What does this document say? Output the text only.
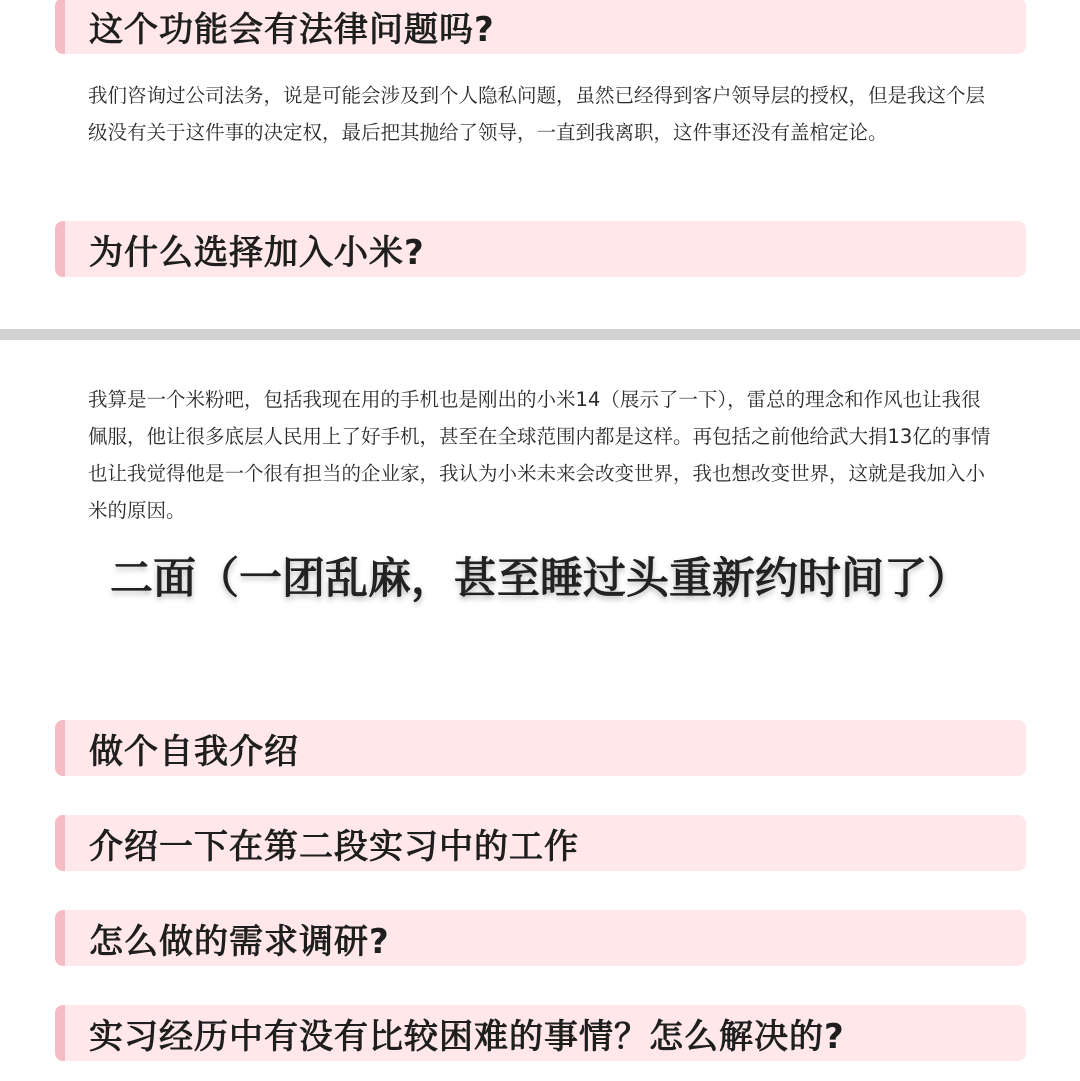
这个功能会有法律问题吗?

我们咨询过公司法务，说是可能会涉及到个人隐私问题，虽然已经得到客户领导层的授权，但是我这个层级没有关于这件事的决定权，最后把其抛给了领导，一直到我离职，这件事还没有盖棺定论。

为什么选择加入小米?

我算是一个米粉吧，包括我现在用的手机也是刚出的小米14（展示了一下），雷总的理念和作风也让我很佩服，他让很多底层人民用上了好手机，甚至在全球范围内都是这样。再包括之前他给武大捐13亿的事情也让我觉得他是一个很有担当的企业家，我认为小米未来会改变世界，我也想改变世界，这就是我加入小米的原因。

二面（一团乱麻，甚至睡过头重新约时间了）
做个自我介绍
介绍一下在第二段实习中的工作
怎么做的需求调研?
实习经历中有没有比较困难的事情？怎么解决的?
